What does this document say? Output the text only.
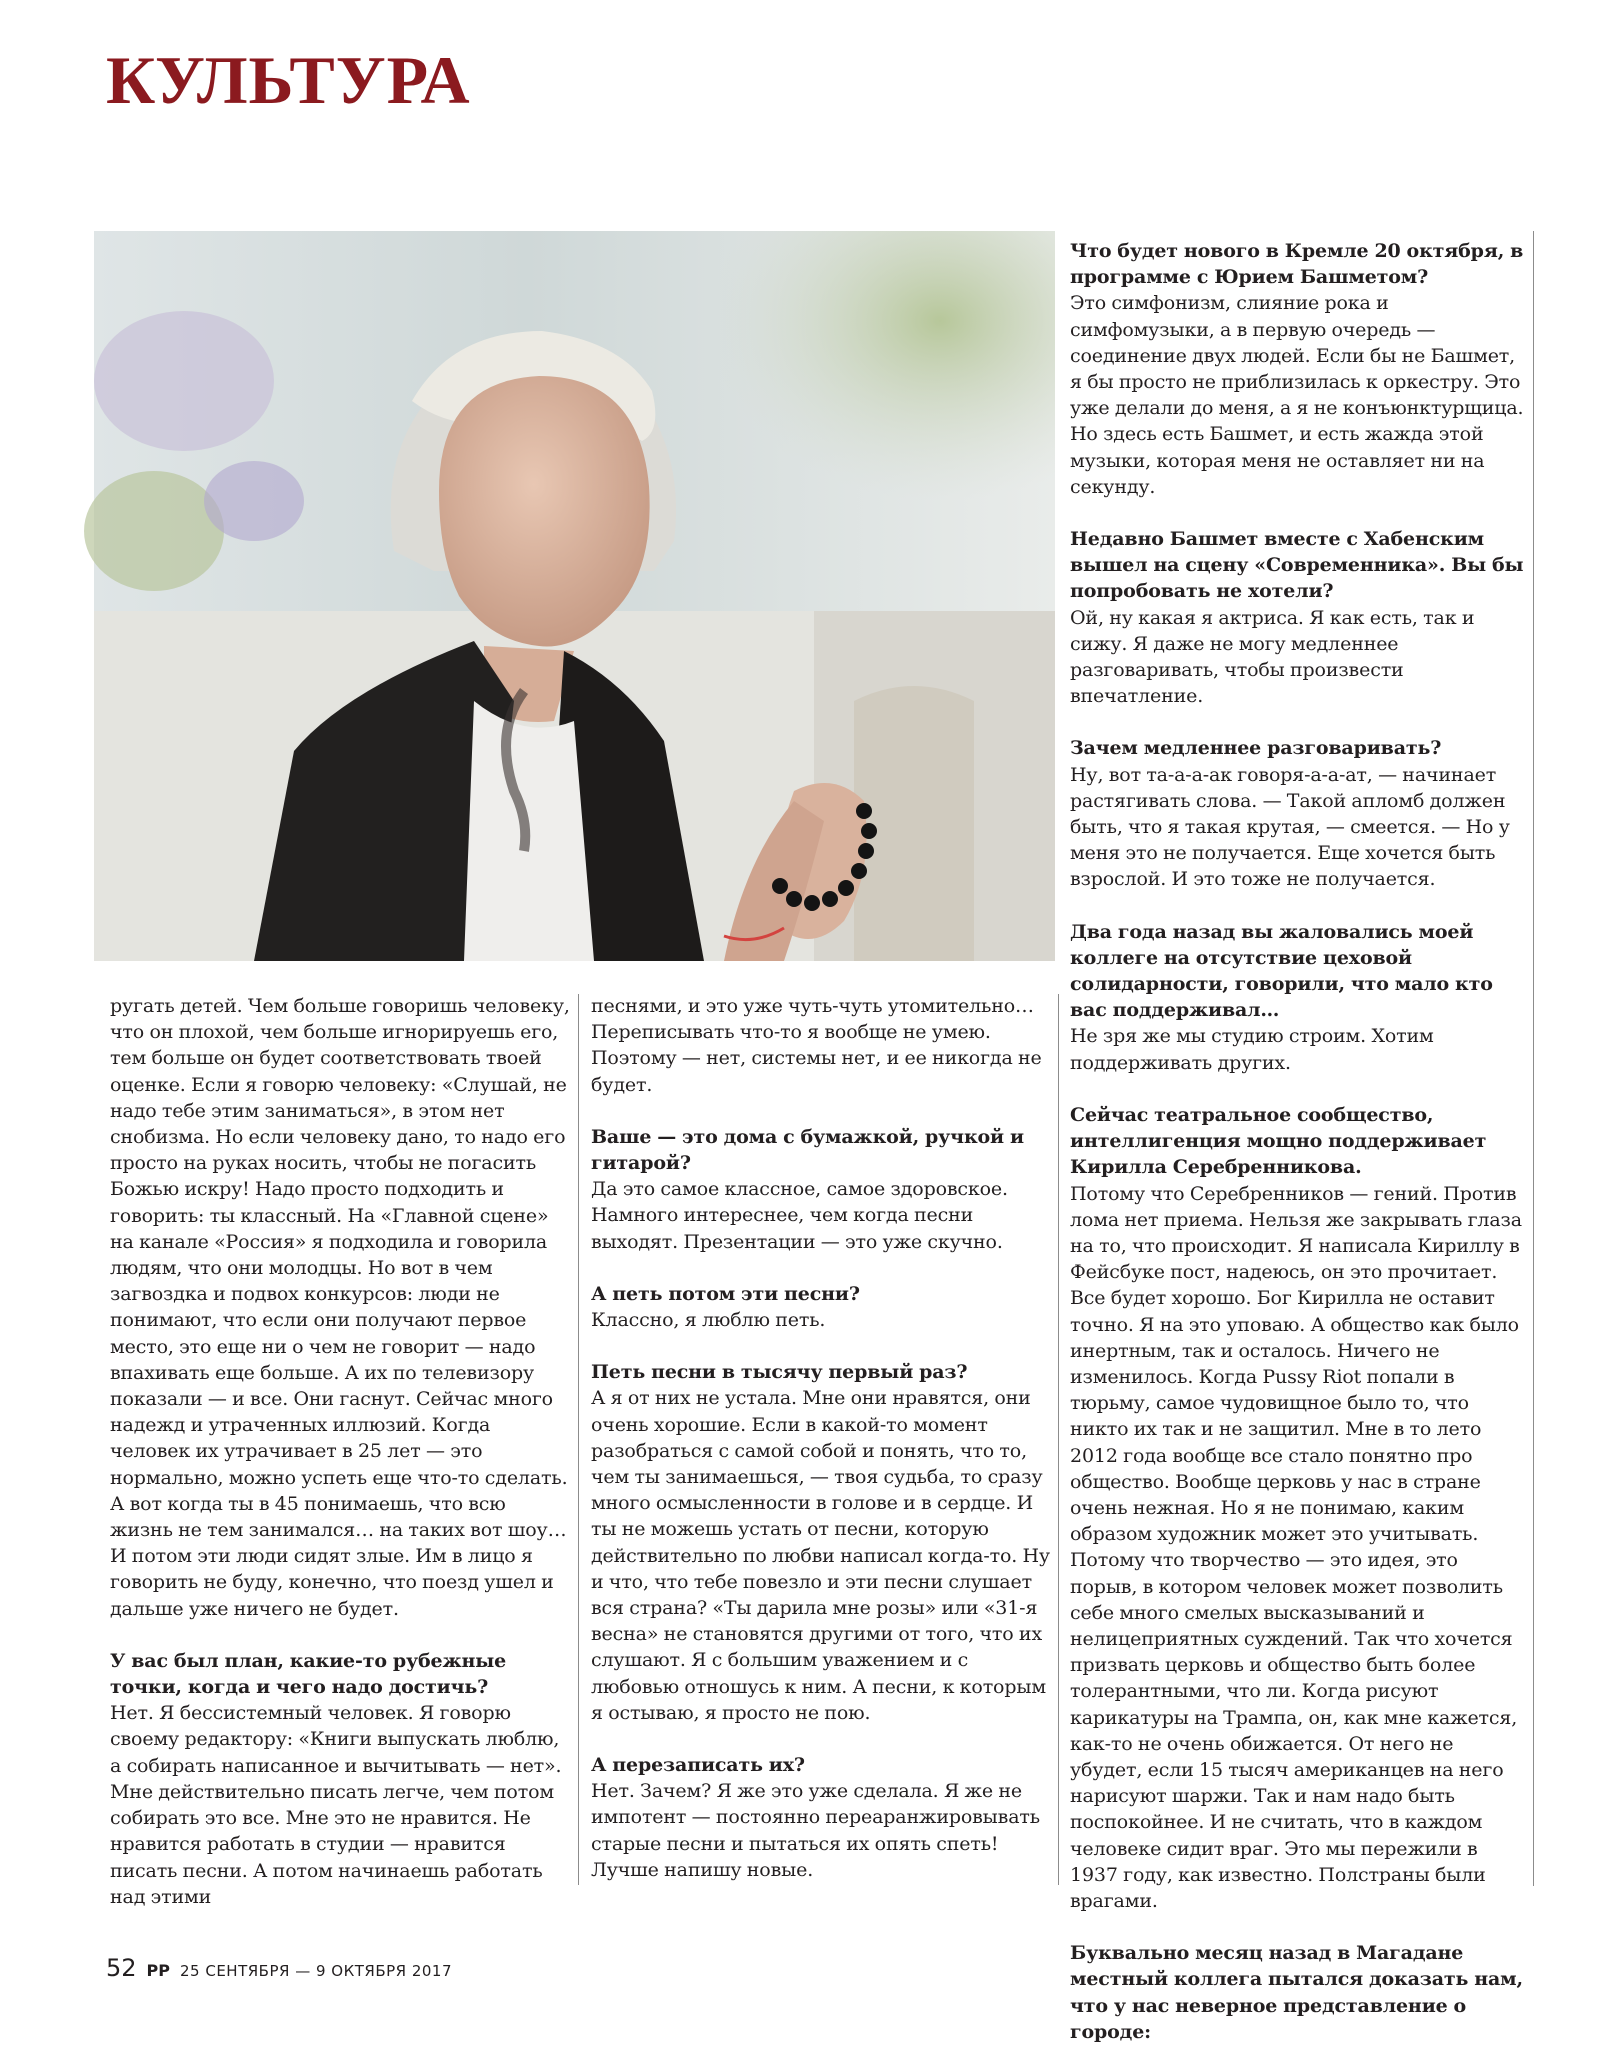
КУЛЬТУРА

ругать детей. Чем больше говоришь человеку, что он плохой, чем больше игнорируешь его, тем больше он будет соответствовать твоей оценке. Если я говорю человеку: «Слушай, не надо тебе этим заниматься», в этом нет снобизма. Но если человеку дано, то надо его просто на руках носить, чтобы не погасить Божью искру! Надо просто подходить и говорить: ты классный. На «Главной сцене» на канале «Россия» я подходила и говорила людям, что они молодцы. Но вот в чем загвоздка и подвох конкурсов: люди не понимают, что если они получают первое место, это еще ни о чем не говорит — надо впахивать еще больше. А их по телевизору показали — и все. Они гаснут. Сейчас много надежд и утраченных иллюзий. Когда человек их утрачивает в 25 лет — это нормально, можно успеть еще что-то сделать. А вот когда ты в 45 понимаешь, что всю жизнь не тем занимался… на таких вот шоу… И потом эти люди сидят злые. Им в лицо я говорить не буду, конечно, что поезд ушел и дальше уже ничего не будет.

У вас был план, какие-то рубежные точки, когда и чего надо достичь?

Нет. Я бессистемный человек. Я говорю своему редактору: «Книги выпускать люблю, а собирать написанное и вычитывать — нет». Мне действительно писать легче, чем потом собирать это все. Мне это не нравится. Не нравится работать в студии — нравится писать песни. А потом начинаешь работать над этими

песнями, и это уже чуть-чуть утомительно… Переписывать что-то я вообще не умею. Поэтому — нет, системы нет, и ее никогда не будет.

Ваше — это дома с бумажкой, ручкой и гитарой?

Да это самое классное, самое здоровское. Намного интереснее, чем когда песни выходят. Презентации — это уже скучно.

А петь потом эти песни?

Классно, я люблю петь.

Петь песни в тысячу первый раз?

А я от них не устала. Мне они нравятся, они очень хорошие. Если в какой-то момент разобраться с самой собой и понять, что то, чем ты занимаешься, — твоя судьба, то сразу много осмысленности в голове и в сердце. И ты не можешь устать от песни, которую действительно по любви написал когда-то. Ну и что, что тебе повезло и эти песни слушает вся страна? «Ты дарила мне розы» или «31-я весна» не становятся другими от того, что их слушают. Я с большим уважением и с любовью отношусь к ним. А песни, к которым я остываю, я просто не пою.

А перезаписать их?

Нет. Зачем? Я же это уже сделала. Я же не импотент — постоянно переаранжировывать старые песни и пытаться их опять спеть! Лучше напишу новые.

Что будет нового в Кремле 20 октября, в программе с Юрием Башметом?

Это симфонизм, слияние рока и симфомузыки, а в первую очередь — соединение двух людей. Если бы не Башмет, я бы просто не приблизилась к оркестру. Это уже делали до меня, а я не конъюнктурщица. Но здесь есть Башмет, и есть жажда этой музыки, которая меня не оставляет ни на секунду.

Недавно Башмет вместе с Хабенским вышел на сцену «Современника». Вы бы попробовать не хотели?

Ой, ну какая я актриса. Я как есть, так и сижу. Я даже не могу медленнее разговаривать, чтобы произвести впечатление.

Зачем медленнее разговаривать?

Ну, вот та-а-а-ак говоря-а-а-ат, — начинает растягивать слова. — Такой апломб должен быть, что я такая крутая, — смеется. — Но у меня это не получается. Еще хочется быть взрослой. И это тоже не получается.

Два года назад вы жаловались моей коллеге на отсутствие цеховой солидарности, говорили, что мало кто вас поддерживал…

Не зря же мы студию строим. Хотим поддерживать других.

Сейчас театральное сообщество, интеллигенция мощно поддерживает Кирилла Серебренникова.

Потому что Серебренников — гений. Против лома нет приема. Нельзя же закрывать глаза на то, что происходит. Я написала Кириллу в Фейсбуке пост, надеюсь, он это прочитает. Все будет хорошо. Бог Кирилла не оставит точно. Я на это уповаю. А общество как было инертным, так и осталось. Ничего не изменилось. Когда Pussy Riot попали в тюрьму, самое чудовищное было то, что никто их так и не защитил. Мне в то лето 2012 года вообще все стало понятно про общество. Вообще церковь у нас в стране очень нежная. Но я не понимаю, каким образом художник может это учитывать. Потому что творчество — это идея, это порыв, в котором человек может позволить себе много смелых высказываний и нелицеприятных суждений. Так что хочется призвать церковь и общество быть более толерантными, что ли. Когда рисуют карикатуры на Трампа, он, как мне кажется, как-то не очень обижается. От него не убудет, если 15 тысяч американцев на него нарисуют шаржи. Так и нам надо быть поспокойнее. И не считать, что в каждом человеке сидит враг. Это мы пережили в 1937 году, как известно. Полстраны были врагами.

Буквально месяц назад в Магадане местный коллега пытался доказать нам, что у нас неверное представление о городе:

52 РР 25 СЕНТЯБРЯ — 9 ОКТЯБРЯ 2017
